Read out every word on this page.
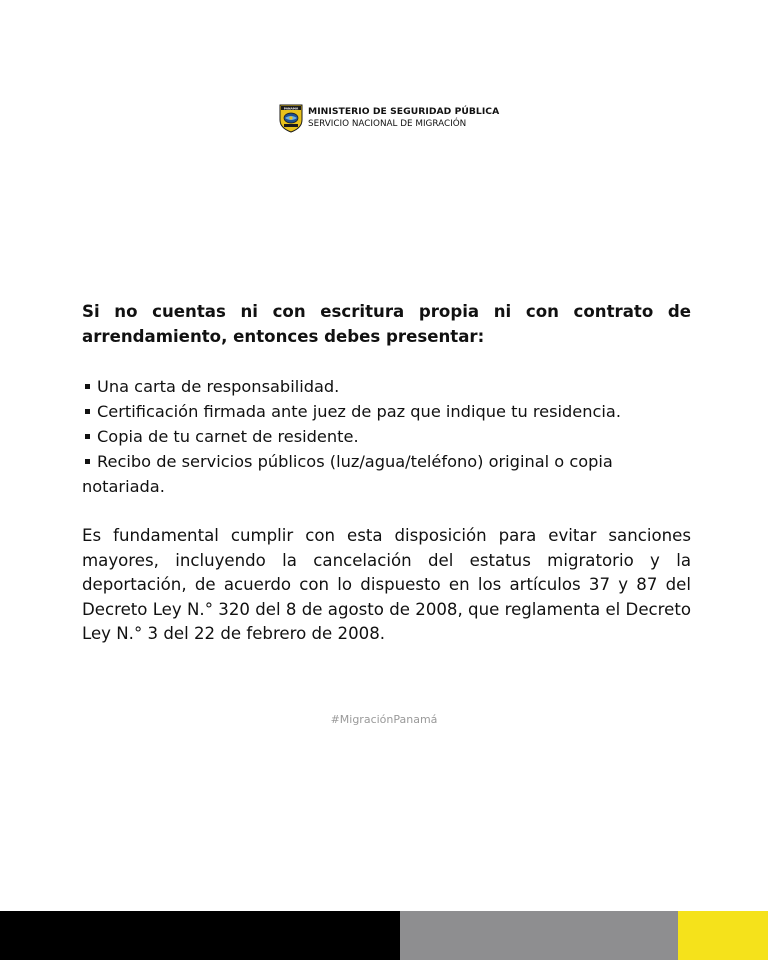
PANAMÁ MINISTERIO DE SEGURIDAD PÚBLICA
SERVICIO NACIONAL DE MIGRACIÓN

Si no cuentas ni con escritura propia ni con contrato de arrendamiento, entonces debes presentar:

Una carta de responsabilidad.
Certificación firmada ante juez de paz que indique tu residencia.
Copia de tu carnet de residente.
Recibo de servicios públicos (luz/agua/teléfono) original o copia notariada.

Es fundamental cumplir con esta disposición para evitar sanciones mayores, incluyendo la cancelación del estatus migratorio y la deportación, de acuerdo con lo dispuesto en los artículos 37 y 87 del Decreto Ley N.° 320 del 8 de agosto de 2008, que reglamenta el Decreto Ley N.° 3 del 22 de febrero de 2008.

#MigraciónPanamá
